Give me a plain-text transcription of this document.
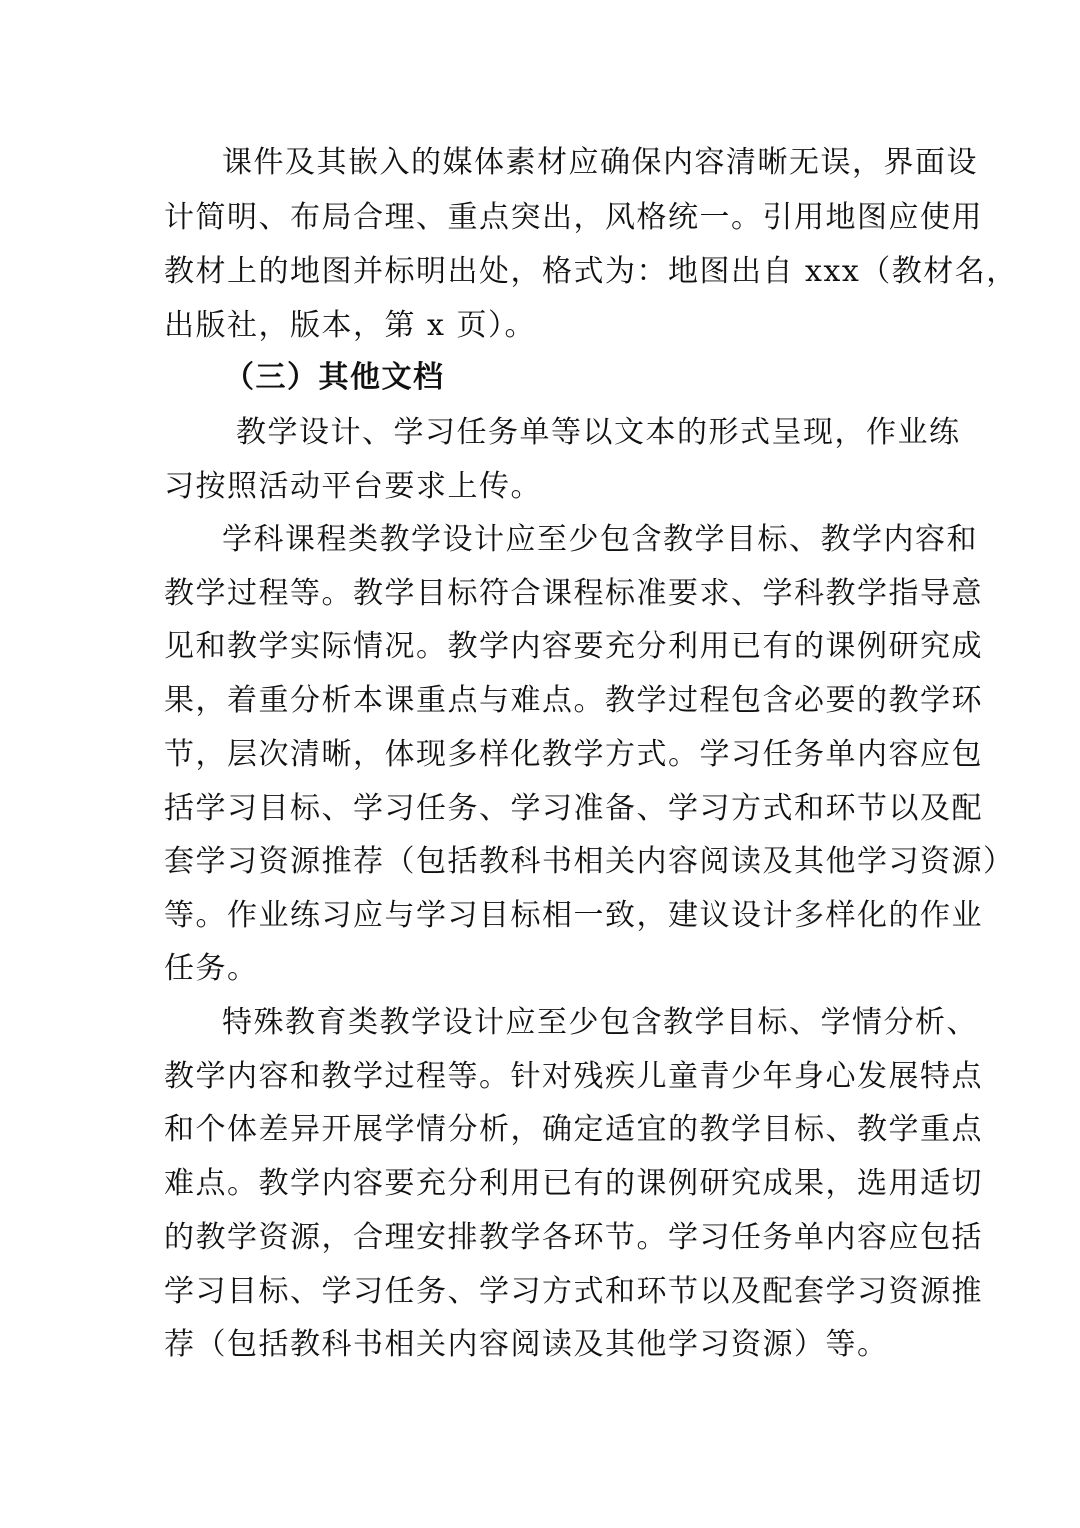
课件及其嵌入的媒体素材应确保内容清晰无误，界面设
计简明、布局合理、重点突出，风格统一。引用地图应使用
教材上的地图并标明出处，格式为：地图出自 xxx（教材名，
出版社，版本，第 x 页）。
（三）其他文档
教学设计、学习任务单等以文本的形式呈现，作业练
习按照活动平台要求上传。
学科课程类教学设计应至少包含教学目标、教学内容和
教学过程等。教学目标符合课程标准要求、学科教学指导意
见和教学实际情况。教学内容要充分利用已有的课例研究成
果，着重分析本课重点与难点。教学过程包含必要的教学环
节，层次清晰，体现多样化教学方式。学习任务单内容应包
括学习目标、学习任务、学习准备、学习方式和环节以及配
套学习资源推荐（包括教科书相关内容阅读及其他学习资源）
等。作业练习应与学习目标相一致，建议设计多样化的作业
任务。
特殊教育类教学设计应至少包含教学目标、学情分析、
教学内容和教学过程等。针对残疾儿童青少年身心发展特点
和个体差异开展学情分析，确定适宜的教学目标、教学重点
难点。教学内容要充分利用已有的课例研究成果，选用适切
的教学资源，合理安排教学各环节。学习任务单内容应包括
学习目标、学习任务、学习方式和环节以及配套学习资源推
荐（包括教科书相关内容阅读及其他学习资源）等。
